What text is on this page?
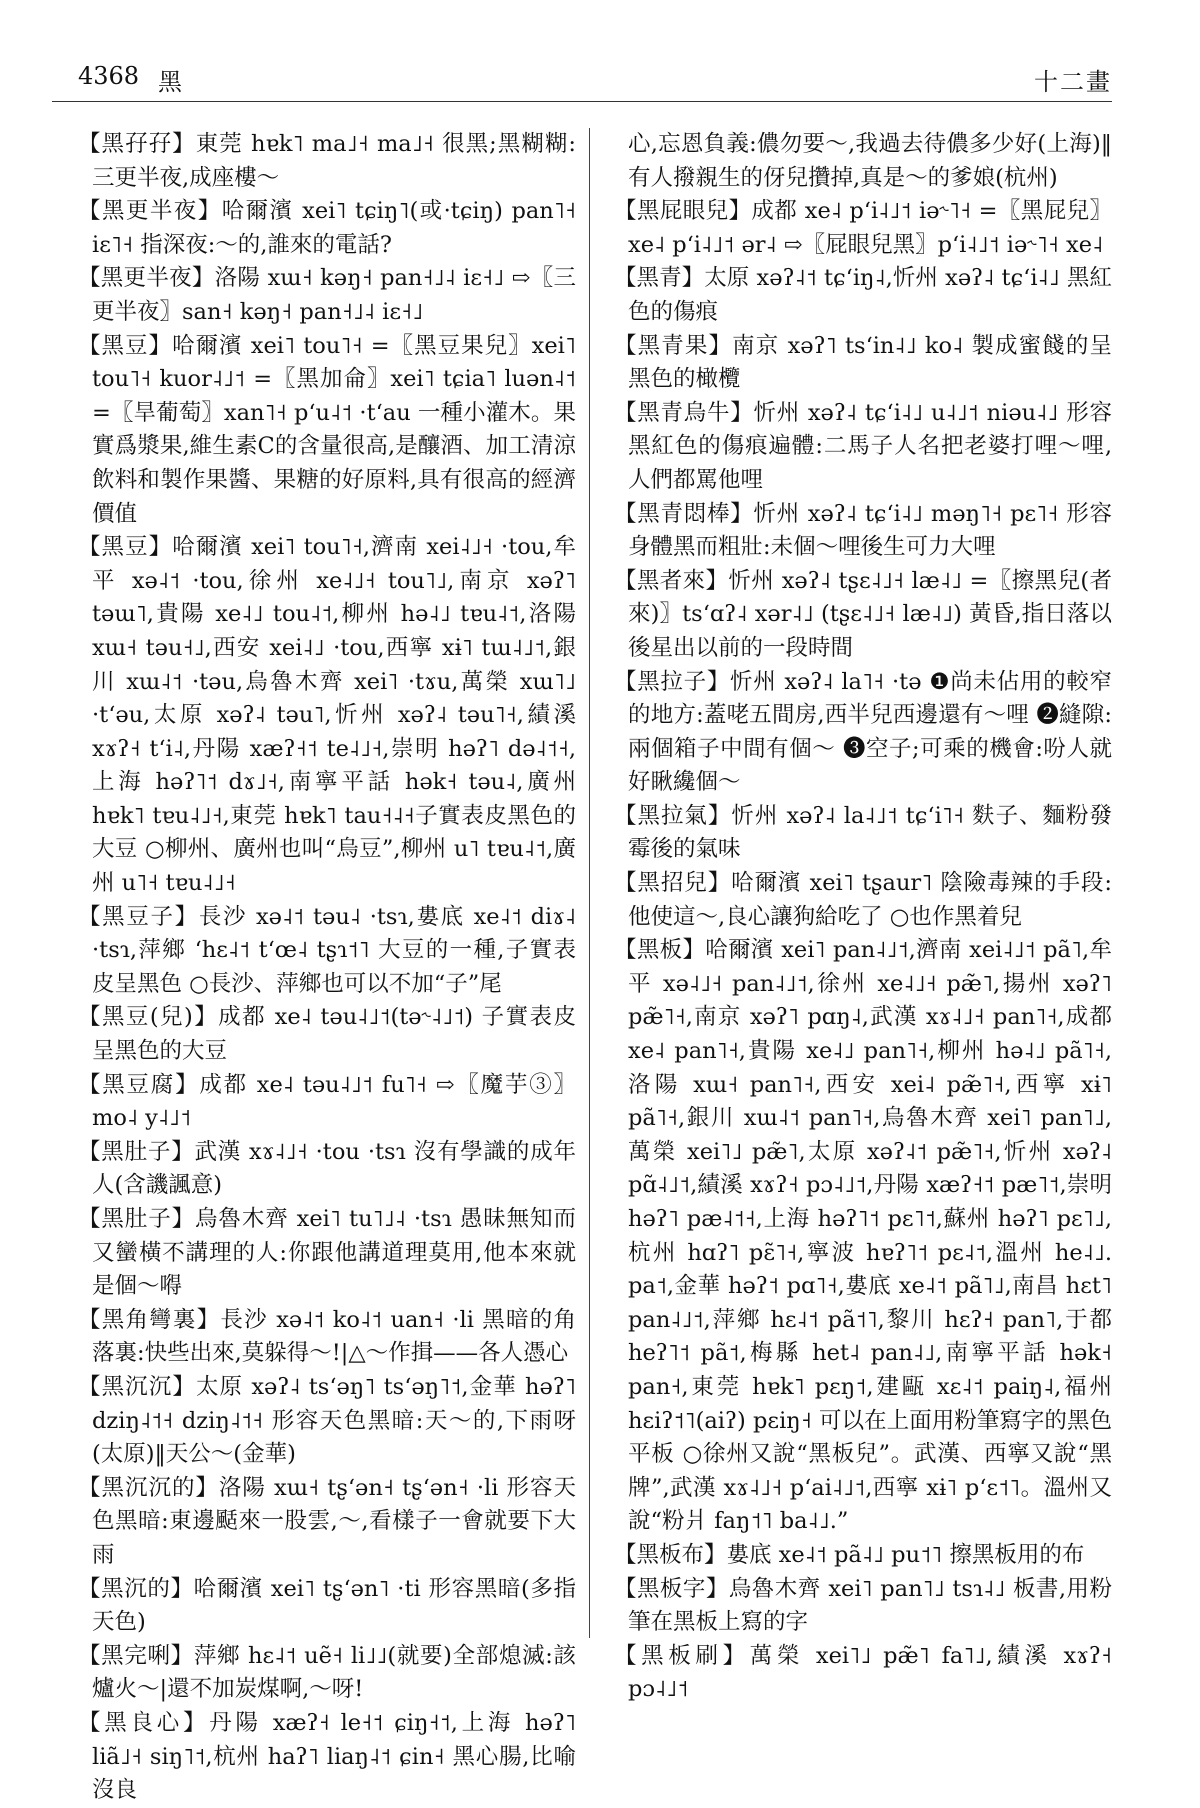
4368 黑	十二畫

【黑孖孖】東莞 hɐk˥ ma˩˧ ma˩˧ 很黑;黑糊糊:三更半夜,成座樓～

【黑更半夜】哈爾濱 xei˥ tɕiŋ˥(或·tɕiŋ) pan˥˧ iɛ˥˧ 指深夜:～的,誰來的電話?

【黑更半夜】洛陽 xɯ˧ kəŋ˧ pan˧˩˨ iɛ˧˩ ⇨〖三更半夜〗san˧ kəŋ˧ pan˧˩˨ iɛ˧˩

【黑豆】哈爾濱 xei˥ tou˥˧ =〖黑豆果兒〗xei˥ tou˥˧ kuor˨˩˦ =〖黑加侖〗xei˥ tɕia˥ luən˨˦ =〖旱葡萄〗xan˥˧ pʻu˨˦ ·tʻau 一種小灌木。果實爲漿果,維生素C的含量很高,是釀酒、加工清涼飲料和製作果醬、果糖的好原料,具有很高的經濟價值

【黑豆】哈爾濱 xei˥ tou˥˧,濟南 xei˨˩˧ ·tou,牟平 xə˨˦ ·tou,徐州 xe˨˩˧ tou˥˩,南京 xəʔ˥ təɯ˥,貴陽 xe˨˩ tou˨˦,柳州 hə˨˩ tɐu˨˦,洛陽 xɯ˧ təu˧˩,西安 xei˨˩ ·tou,西寧 xɨ˥ tɯ˨˩˦,銀川 xɯ˨˦ ·təu,烏魯木齊 xei˥ ·tɤu,萬榮 xɯ˥˩ ·tʻəu,太原 xəʔ˨ təu˥,忻州 xəʔ˨ təu˥˧,績溪 xɤʔ˧ tʻi˨,丹陽 xæʔ˧˦ te˨˩˧,崇明 həʔ˥ də˨˦˧,上海 həʔ˥˦ dɤ˩˧,南寧平話 hək˧ təu˨,廣州 hɐk˥ tɐu˨˩˧,東莞 hɐk˥ tau˧˨˧子實表皮黑色的大豆 ○柳州、廣州也叫“烏豆”,柳州 u˥ tɐu˨˦,廣州 u˥˧ tɐu˨˩˧

【黑豆子】長沙 xə˨˦ təu˨ ·tsɿ,婁底 xe˨˦ diɤ˨ ·tsɿ,萍鄉 ʻhɛ˨˦ tʻœ˨ tʂɿ˦˥ 大豆的一種,子實表皮呈黑色 ○長沙、萍鄉也可以不加“子”尾

【黑豆(兒)】成都 xe˨ təu˨˩˦(tə˞˨˩˦) 子實表皮呈黑色的大豆

【黑豆腐】成都 xe˨ təu˨˩˦ fu˥˧ ⇨〖魔芋③〗mo˨ y˨˩˦

【黑肚子】武漢 xɤ˨˩˧ ·tou ·tsɿ 沒有學識的成年人(含譏諷意)

【黑肚子】烏魯木齊 xei˥ tu˥˩˨ ·tsɿ 愚昧無知而又蠻橫不講理的人:你跟他講道理莫用,他本來就是個～嘚

【黑角彎裏】長沙 xə˨˦ ko˨˦ uan˧ ·li 黑暗的角落裏:快些出來,莫躲得～!|△～作揖——各人憑心

【黑沉沉】太原 xəʔ˨ tsʻəŋ˥ tsʻəŋ˥˦,金華 həʔ˥ dziŋ˨˦˧ dziŋ˨˦˧ 形容天色黑暗:天～的,下雨呀(太原)‖天公～(金華)

【黑沉沉的】洛陽 xɯ˧ tʂʻən˧ tʂʻən˧ ·li 形容天色黑暗:東邊颳來一股雲,～,看樣子一會就要下大雨

【黑沉的】哈爾濱 xei˥ tʂʻən˥ ·ti 形容黑暗(多指天色)

【黑完唎】萍鄉 hɛ˨˦ uẽ˧ li˩˩(就要)全部熄滅:該爐火～|還不加炭煤啊,～呀!

【黑良心】丹陽 xæʔ˧ le˧˦ ɕiŋ˧˦,上海 həʔ˥ liã˩˧ siŋ˥˦,杭州 haʔ˥ liaŋ˨˦ ɕin˧ 黑心腸,比喻沒良

心,忘恩負義:儂勿要～,我過去待儂多少好(上海)‖有人撥親生的伢兒攢掉,真是～的爹娘(杭州)

【黑屁眼兒】成都 xe˨ pʻi˨˩˦ iə˞˥˧ =〖黑屁兒〗xe˨ pʻi˨˩˦ ər˨ ⇨〖屁眼兒黑〗pʻi˨˩˦ iə˞˥˧ xe˨

【黑青】太原 xəʔ˨˦ tɕʻiŋ˨,忻州 xəʔ˨ tɕʻi˨˩ 黑紅色的傷痕

【黑青果】南京 xəʔ˥ tsʻin˨˩ ko˨ 製成蜜餞的呈黑色的橄欖

【黑青烏牛】忻州 xəʔ˨ tɕʻi˨˩ u˨˩˦ niəu˨˩ 形容黑紅色的傷痕遍體:二馬子人名把老婆打哩～哩,人們都罵他哩

【黑青悶棒】忻州 xəʔ˨ tɕʻi˨˩ məŋ˥˧ pɛ˥˧ 形容身體黑而粗壯:未個～哩後生可力大哩

【黑者來】忻州 xəʔ˨ tʂɛ˨˩˧ læ˨˩ =〖擦黑兒(者來)〗tsʻɑʔ˨ xər˨˩ (tʂɛ˨˩˧ læ˨˩) 黃昏,指日落以後星出以前的一段時間

【黑拉子】忻州 xəʔ˨ la˥˧ ·tə ❶尚未佔用的較窄的地方:蓋咾五間房,西半兒西邊還有～哩 ❷縫隙:兩個箱子中間有個～ ❸空子;可乘的機會:吩人就好瞅纔個～

【黑拉氣】忻州 xəʔ˨ la˨˩˦ tɕʻi˥˧ 麩子、麵粉發霉後的氣味

【黑招兒】哈爾濱 xei˥ tʂaur˥ 陰險毒辣的手段:他使這～,良心讓狗給吃了 ○也作黑着兒

【黑板】哈爾濱 xei˥ pan˨˩˦,濟南 xei˨˩˦ pã˥,牟平 xə˨˩˧ pan˨˩˦,徐州 xe˨˩˧ pæ̃˥,揚州 xəʔ˥ pæ̃˥˧,南京 xəʔ˥ pɑŋ˨,武漢 xɤ˨˩˧ pan˥˧,成都 xe˨ pan˥˧,貴陽 xe˨˩ pan˥˧,柳州 hə˨˩ pã˥˧,洛陽 xɯ˧ pan˥˧,西安 xei˨ pæ̃˥˧,西寧 xɨ˥ pã˥˧,銀川 xɯ˨˦ pan˥˧,烏魯木齊 xei˥ pan˥˩,萬榮 xei˥˩ pæ̃˥,太原 xəʔ˨˦ pæ̃˥˧,忻州 xəʔ˨ pɑ̃˨˩˦,績溪 xɤʔ˧ pɔ˨˩˦,丹陽 xæʔ˧˦ pæ˥˦,崇明 həʔ˥ pæ˨˦˧,上海 həʔ˥˦ pɛ˥˦,蘇州 həʔ˥ pɛ˥˩,杭州 hɑʔ˥ pɛ̃˥˧,寧波 hɐʔ˥˦ pɛ˨˦,溫州 he˨˩. pa˦,金華 həʔ˦ pɑ˥˧,婁底 xe˨˦ pã˥˩,南昌 hɛt˥ pan˨˩˦,萍鄉 hɛ˨˦ pã˦˥,黎川 hɛʔ˧ pan˥,于都 heʔ˥˦ pã˦,梅縣 het˨ pan˨˩,南寧平話 hək˧ pan˧,東莞 hɐk˥ pɛŋ˦,建甌 xɛ˨˦ paiŋ˨,福州 hɛiʔ˦˥(aiʔ) pɛiŋ˧ 可以在上面用粉筆寫字的黑色平板 ○徐州又說“黑板兒”。武漢、西寧又說“黑牌”,武漢 xɤ˨˩˧ pʻai˨˩˦,西寧 xɨ˥ pʻɛ˦˥。溫州又說“粉爿 faŋ˦˥ ba˨˩.”

【黑板布】婁底 xe˨˦ pã˨˩ pu˦˥ 擦黑板用的布

【黑板字】烏魯木齊 xei˥ pan˥˩ tsɿ˨˩ 板書,用粉筆在黑板上寫的字

【黑板刷】萬榮 xei˥˩ pæ̃˥ fa˥˩,績溪 xɤʔ˧ pɔ˨˩˦
